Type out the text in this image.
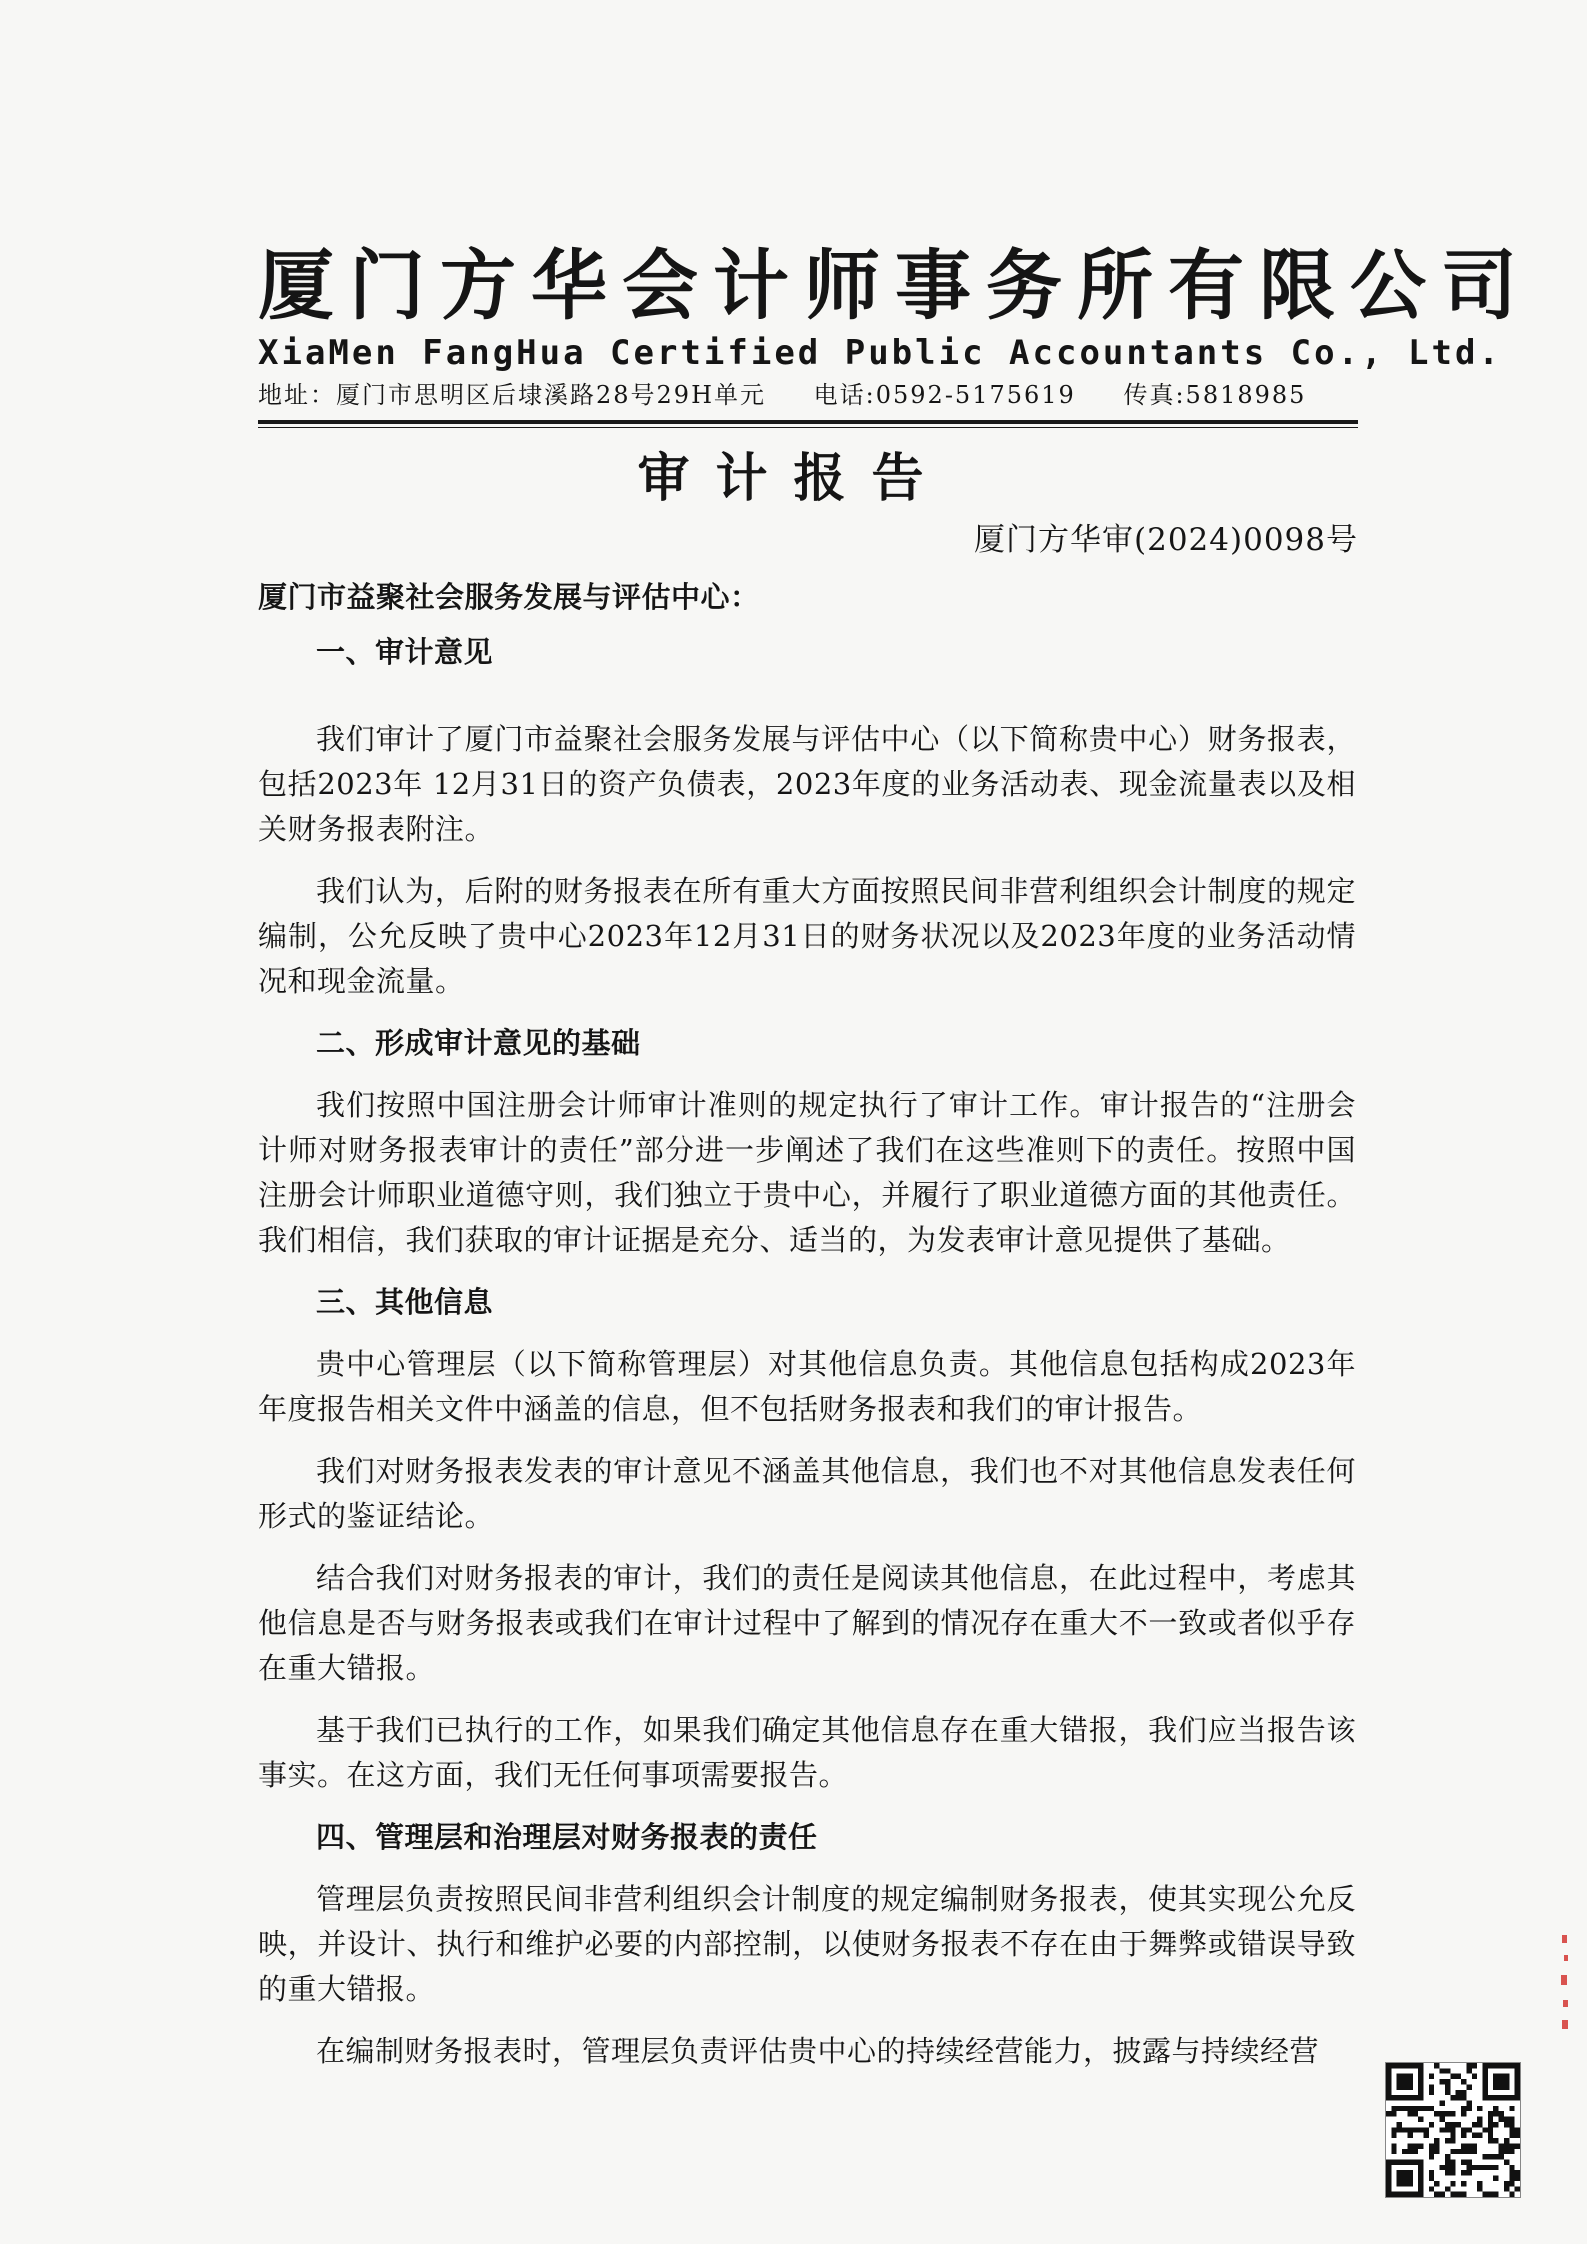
厦门方华会计师事务所有限公司
XiaMen FangHua Certified Public Accountants Co., Ltd.
地址：厦门市思明区后埭溪路28号29H单元 电话:0592-5175619 传真:5818985
审计报告
厦门方华审(2024)0098号
厦门市益聚社会服务发展与评估中心：
一、审计意见
我们审计了厦门市益聚社会服务发展与评估中心（以下简称贵中心）财务报表，包括2023年 12月31日的资产负债表，2023年度的业务活动表、现金流量表以及相关财务报表附注。
我们认为，后附的财务报表在所有重大方面按照民间非营利组织会计制度的规定编制，公允反映了贵中心2023年12月31日的财务状况以及2023年度的业务活动情况和现金流量。
二、形成审计意见的基础
我们按照中国注册会计师审计准则的规定执行了审计工作。审计报告的“注册会计师对财务报表审计的责任”部分进一步阐述了我们在这些准则下的责任。按照中国注册会计师职业道德守则，我们独立于贵中心，并履行了职业道德方面的其他责任。我们相信，我们获取的审计证据是充分、适当的，为发表审计意见提供了基础。
三、其他信息
贵中心管理层（以下简称管理层）对其他信息负责。其他信息包括构成2023年年度报告相关文件中涵盖的信息，但不包括财务报表和我们的审计报告。
我们对财务报表发表的审计意见不涵盖其他信息，我们也不对其他信息发表任何形式的鉴证结论。
结合我们对财务报表的审计，我们的责任是阅读其他信息，在此过程中，考虑其他信息是否与财务报表或我们在审计过程中了解到的情况存在重大不一致或者似乎存在重大错报。
基于我们已执行的工作，如果我们确定其他信息存在重大错报，我们应当报告该事实。在这方面，我们无任何事项需要报告。
四、管理层和治理层对财务报表的责任
管理层负责按照民间非营利组织会计制度的规定编制财务报表，使其实现公允反映，并设计、执行和维护必要的内部控制，以使财务报表不存在由于舞弊或错误导致的重大错报。
在编制财务报表时，管理层负责评估贵中心的持续经营能力，披露与持续经营
